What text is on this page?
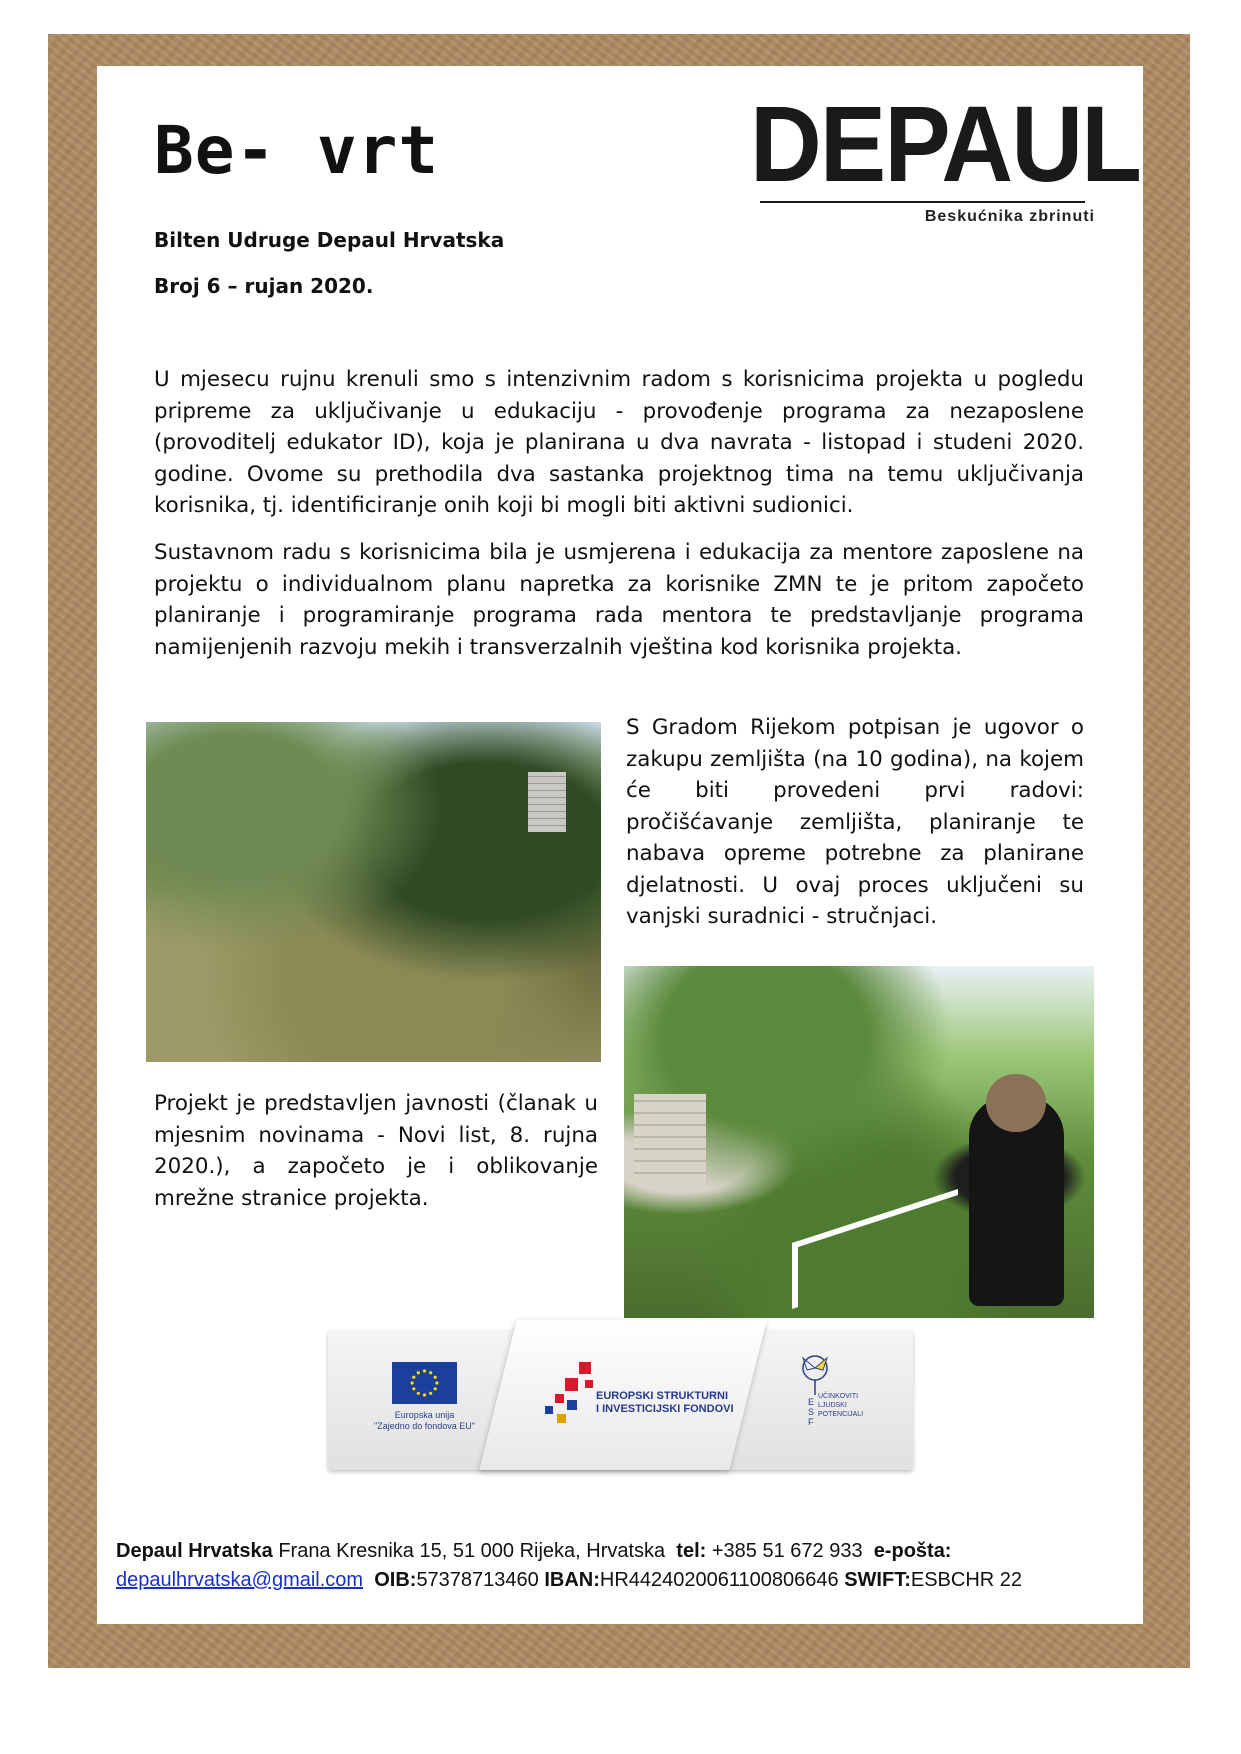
Be- vrt	DEPAUL
Beskućnika zbrinuti
Bilten Udruge Depaul Hrvatska
Broj 6 – rujan 2020.
U mjesecu rujnu krenuli smo s intenzivnim radom s korisnicima projekta u pogledu pripreme za uključivanje u edukaciju - provođenje programa za nezaposlene (provoditelj edukator ID), koja je planirana u dva navrata - listopad i studeni 2020. godine. Ovome su prethodila dva sastanka projektnog tima na temu uključivanja korisnika, tj. identificiranje onih koji bi mogli biti aktivni sudionici.
Sustavnom radu s korisnicima bila je usmjerena i edukacija za mentore zaposlene na projektu o individualnom planu napretka za korisnike ZMN te je pritom započeto planiranje i programiranje programa rada mentora te predstavljanje programa namijenjenih razvoju mekih i transverzalnih vještina kod korisnika projekta.
S Gradom Rijekom potpisan je ugovor o zakupu zemljišta (na 10 godina), na kojem će biti provedeni prvi radovi: pročišćavanje zemljišta, planiranje te nabava opreme potrebne za planirane djelatnosti. U ovaj proces uključeni su vanjski suradnici - stručnjaci.
Projekt je predstavljen javnosti (članak u mjesnim novinama - Novi list, 8. rujna 2020.), a započeto je i oblikovanje mrežne stranice projekta.
Europska unija
"Zajedno do fondova EU"
EUROPSKI STRUKTURNI
I INVESTICIJSKI FONDOVI
ESF
UČINKOVITI
LJUDSKI
POTENCIJALI
Depaul Hrvatska Frana Kresnika 15, 51 000 Rijeka, Hrvatska tel: +385 51 672 933 e-pošta:
depaulhrvatska@gmail.com OIB:57378713460 IBAN:HR4424020061100806646 SWIFT:ESBCHR 22
